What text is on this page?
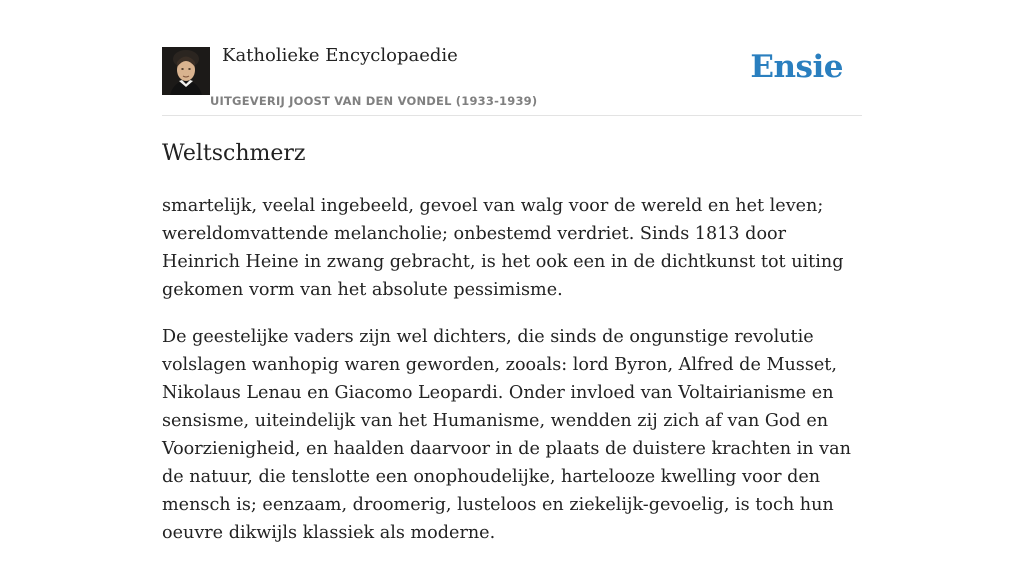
Katholieke Encyclopaedie
UITGEVERIJ JOOST VAN DEN VONDEL (1933-1939)
Ensie
Weltschmerz

smartelijk, veelal ingebeeld, gevoel van walg voor de wereld en het leven; wereldomvattende melancholie; onbestemd verdriet. Sinds 1813 door Heinrich Heine in zwang gebracht, is het ook een in de dichtkunst tot uiting gekomen vorm van het absolute pessimisme.

De geestelijke vaders zijn wel dichters, die sinds de ongunstige revolutie volslagen wanhopig waren geworden, zooals: lord Byron, Alfred de Musset, Nikolaus Lenau en Giacomo Leopardi. Onder invloed van Voltairianisme en sensisme, uiteindelijk van het Humanisme, wendden zij zich af van God en Voorzienigheid, en haalden daarvoor in de plaats de duistere krachten in van de natuur, die tenslotte een onophoudelijke, hartelooze kwelling voor den mensch is; eenzaam, droomerig, lusteloos en ziekelijk-gevoelig, is toch hun oeuvre dikwijls klassiek als moderne.
